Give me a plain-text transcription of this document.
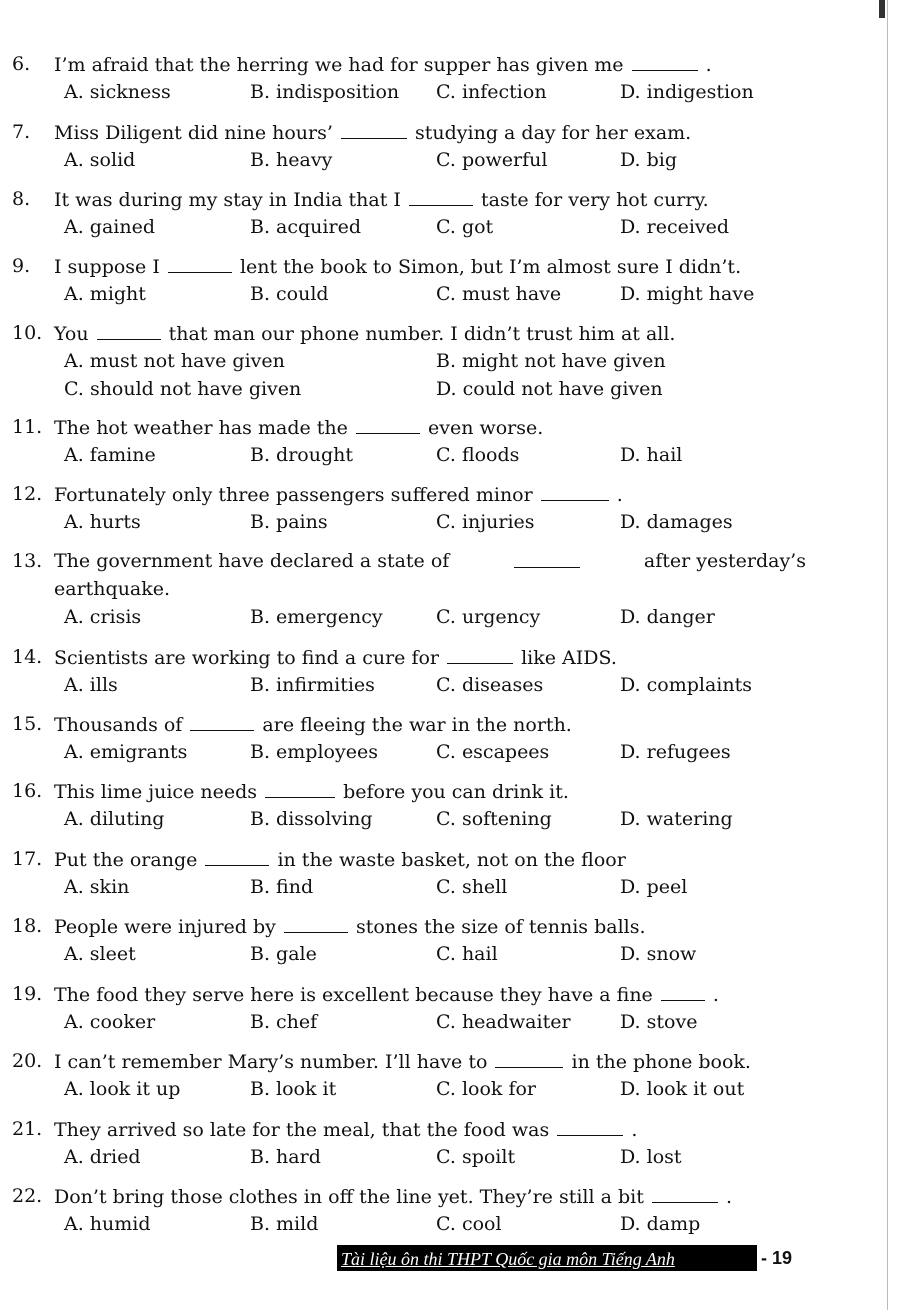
6.	I’m afraid that the herring we had for supper has given me	.
A. sickness	B. indisposition C. infection	D. indigestion
7.	Miss Diligent did nine hours’	studying a day for her exam.
A. solid	B. heavy	C. powerful	D. big
8.	It was during my stay in India that I	taste for very hot curry.
A. gained	B. acquired	C. got	D. received
9.	I suppose I	lent the book to Simon, but I’m almost sure I didn’t.
A. might	B. could	C. must have	D. might have
10. You	that man our phone number. I didn’t trust him at all.
A. must not have given	B. might not have given
C. should not have given	D. could not have given
11. The hot weather has made the	even worse.
A. famine	B. drought	C. floods	D. hail
12. Fortunately only three passengers suffered minor	.
A. hurts	B. pains	C. injuries	D. damages
13. The government have declared a state of	after yesterday’s
earthquake.
A. crisis	B. emergency	C. urgency	D. danger
14. Scientists are working to find a cure for	like AIDS.
A. ills	B. infirmities	C. diseases	D. complaints
15. Thousands of	are fleeing the war in the north.
A. emigrants	B. employees	C. escapees	D. refugees
16. This lime juice needs	before you can drink it.
A. diluting	B. dissolving	C. softening	D. watering
17. Put the orange	in the waste basket, not on the floor
A. skin	B. find	C. shell	D. peel
18. People were injured by	stones the size of tennis balls.
A. sleet	B. gale	C. hail	D. snow
19. The food they serve here is excellent because they have a fine	.
A. cooker	B. chef	C. headwaiter	D. stove
20. I can’t remember Mary’s number. I’ll have to	in the phone book.
A. look it up	B. look it	C. look for	D. look it out
21. They arrived so late for the meal, that the food was	.
A. dried	B. hard	C. spoilt	D. lost
22. Don’t bring those clothes in off the line yet. They’re still a bit	.
A. humid	B. mild	C. cool	D. damp
Tài liệu ôn thi THPT Quốc gia môn Tiếng Anh	- 19
